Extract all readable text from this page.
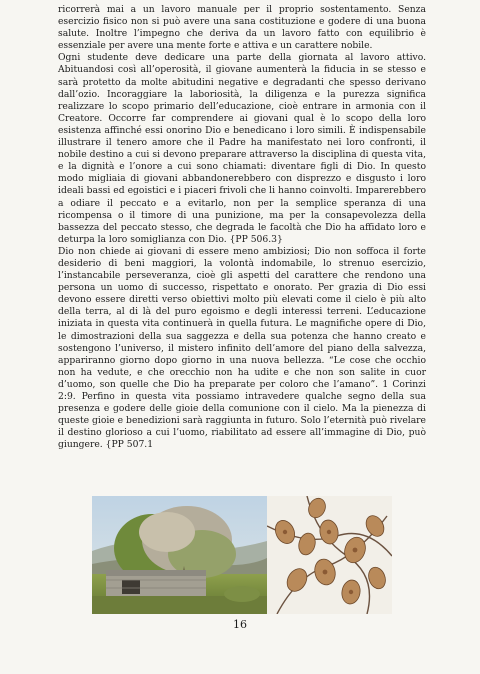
ricorrerà mai a un lavoro manuale per il proprio sostentamento. Senza esercizio fisico non si può avere una sana costituzione e godere di una buona salute. Inoltre l’impegno che deriva da un lavoro fatto con equilibrio è essenziale per avere una mente forte e attiva e un carattere nobile.

Ogni studente deve dedicare una parte della giornata al lavoro attivo. Abituandosi così all’operosità, il giovane aumenterà la fiducia in se stesso e sarà protetto da molte abitudini negative e degradanti che spesso derivano dall’ozio. Incoraggiare la laboriosità, la diligenza e la purezza significa realizzare lo scopo primario dell’educazione, cioè entrare in armonia con il Creatore. Occorre far comprendere ai giovani qual è lo scopo della loro esistenza affinché essi onorino Dio e benedicano i loro simili. È indispensabile illustrare il tenero amore che il Padre ha manifestato nei loro confronti, il nobile destino a cui si devono preparare attraverso la disciplina di questa vita, e la dignità e l’onore a cui sono chiamati: diventare figli di Dio. In questo modo migliaia di giovani abbandonerebbero con disprezzo e disgusto i loro ideali bassi ed egoistici e i piaceri frivoli che li hanno coinvolti. Imparerebbero a odiare il peccato e a evitarlo, non per la semplice speranza di una ricompensa o il timore di una punizione, ma per la consapevolezza della bassezza del peccato stesso, che degrada le facoltà che Dio ha affidato loro e deturpa la loro somiglianza con Dio. {PP 506.3}

Dio non chiede ai giovani di essere meno ambiziosi; Dio non soffoca il forte desiderio di beni maggiori, la volontà indomabile, lo strenuo esercizio, l’instancabile perseveranza, cioè gli aspetti del carattere che rendono una persona un uomo di successo, rispettato e onorato. Per grazia di Dio essi devono essere diretti verso obiettivi molto più elevati come il cielo è più alto della terra, al di là del puro egoismo e degli interessi terreni. L’educazione iniziata in questa vita continuerà in quella futura. Le magnifiche opere di Dio, le dimostrazioni della sua saggezza e della sua potenza che hanno creato e sostengono l’universo, il mistero infinito dell’amore del piano della salvezza, appariranno giorno dopo giorno in una nuova bellezza. “Le cose che occhio non ha vedute, e che orecchio non ha udite e che non son salite in cuor d’uomo, son quelle che Dio ha preparate per coloro che l’amano”. 1 Corinzi 2:9. Perfino in questa vita possiamo intravedere qualche segno della sua presenza e godere delle gioie della comunione con il cielo. Ma la pienezza di queste gioie e benedizioni sarà raggiunta in futuro. Solo l’eternità può rivelare il destino glorioso a cui l’uomo, riabilitato ad essere all’immagine di Dio, può giungere. {PP 507.1

16
